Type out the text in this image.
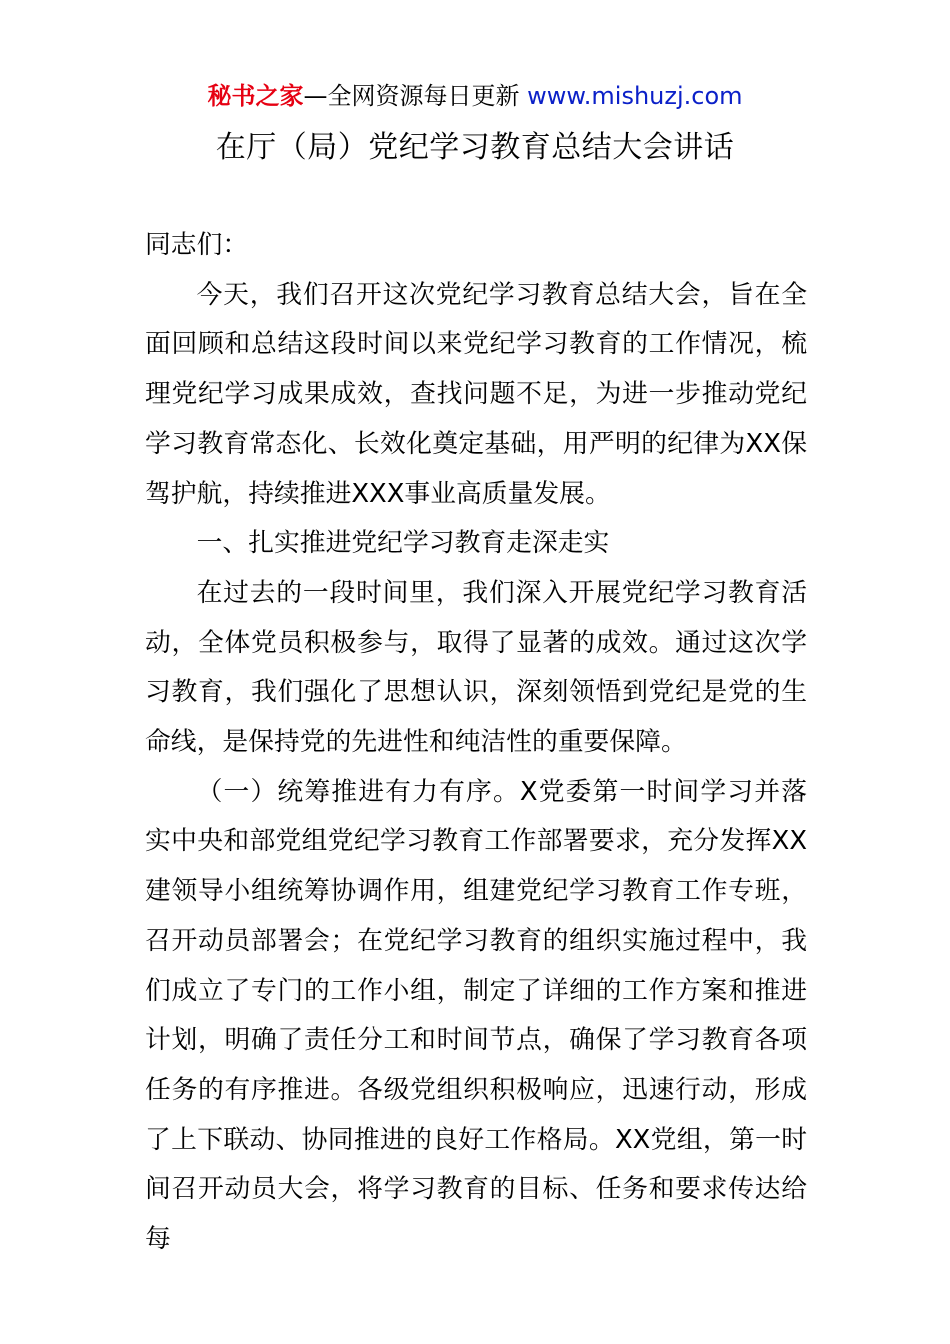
秘书之家—全网资源每日更新 www.mishuzj.com
在厅（局）党纪学习教育总结大会讲话

同志们：

今天，我们召开这次党纪学习教育总结大会，旨在全面回顾和总结这段时间以来党纪学习教育的工作情况，梳理党纪学习成果成效，查找问题不足，为进一步推动党纪学习教育常态化、长效化奠定基础，用严明的纪律为XX保驾护航，持续推进XXX事业高质量发展。

一、扎实推进党纪学习教育走深走实

在过去的一段时间里，我们深入开展党纪学习教育活动，全体党员积极参与，取得了显著的成效。通过这次学习教育，我们强化了思想认识，深刻领悟到党纪是党的生命线，是保持党的先进性和纯洁性的重要保障。

（一）统筹推进有力有序。X党委第一时间学习并落实中央和部党组党纪学习教育工作部署要求，充分发挥XX建领导小组统筹协调作用，组建党纪学习教育工作专班，召开动员部署会；在党纪学习教育的组织实施过程中，我们成立了专门的工作小组，制定了详细的工作方案和推进计划，明确了责任分工和时间节点，确保了学习教育各项任务的有序推进。各级党组织积极响应，迅速行动，形成了上下联动、协同推进的良好工作格局。XX党组，第一时间召开动员大会，将学习教育的目标、任务和要求传达给每
